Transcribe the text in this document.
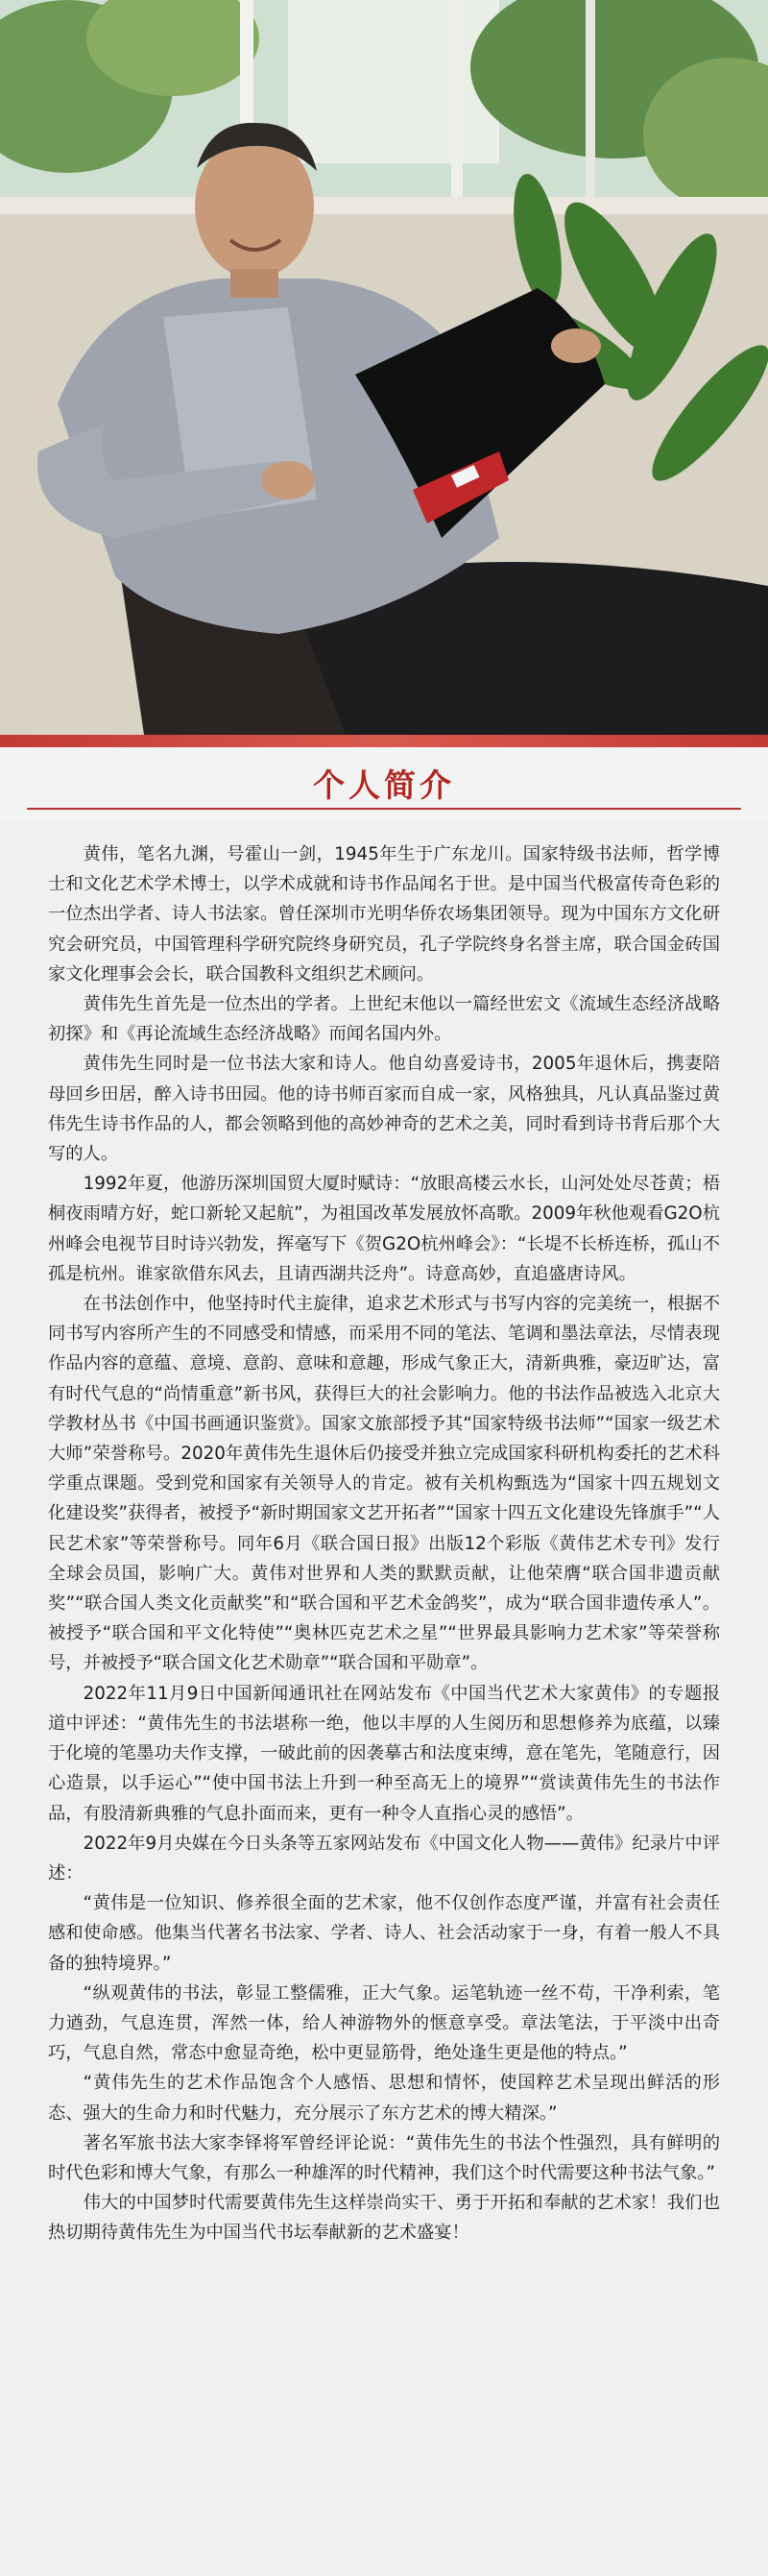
个人简介

黄伟，笔名九渊，号霍山一剑，1945年生于广东龙川。国家特级书法师，哲学博士和文化艺术学术博士，以学术成就和诗书作品闻名于世。是中国当代极富传奇色彩的一位杰出学者、诗人书法家。曾任深圳市光明华侨农场集团领导。现为中国东方文化研究会研究员，中国管理科学研究院终身研究员，孔子学院终身名誉主席，联合国金砖国家文化理事会会长，联合国教科文组织艺术顾问。

黄伟先生首先是一位杰出的学者。上世纪末他以一篇经世宏文《流域生态经济战略初探》和《再论流域生态经济战略》而闻名国内外。

黄伟先生同时是一位书法大家和诗人。他自幼喜爱诗书，2005年退休后，携妻陪母回乡田居，醉入诗书田园。他的诗书师百家而自成一家，风格独具，凡认真品鉴过黄伟先生诗书作品的人，都会领略到他的高妙神奇的艺术之美，同时看到诗书背后那个大写的人。

1992年夏，他游历深圳国贸大厦时赋诗：“放眼高楼云水长，山河处处尽苍黄；梧桐夜雨晴方好，蛇口新轮又起航”，为祖国改革发展放怀高歌。2009年秋他观看G2O杭州峰会电视节目时诗兴勃发，挥毫写下《贺G2O杭州峰会》：“长堤不长桥连桥，孤山不孤是杭州。谁家欲借东风去，且请西湖共泛舟”。诗意高妙，直追盛唐诗风。

在书法创作中，他坚持时代主旋律，追求艺术形式与书写内容的完美统一，根据不同书写内容所产生的不同感受和情感，而采用不同的笔法、笔调和墨法章法，尽情表现作品内容的意蕴、意境、意韵、意味和意趣，形成气象正大，清新典雅，豪迈旷达，富有时代气息的“尚情重意”新书风，获得巨大的社会影响力。他的书法作品被选入北京大学教材丛书《中国书画通识鉴赏》。国家文旅部授予其“国家特级书法师”“国家一级艺术大师”荣誉称号。2020年黄伟先生退休后仍接受并独立完成国家科研机构委托的艺术科学重点课题。受到党和国家有关领导人的肯定。被有关机构甄选为“国家十四五规划文化建设奖”获得者，被授予“新时期国家文艺开拓者”“国家十四五文化建设先锋旗手”“人民艺术家”等荣誉称号。同年6月《联合国日报》出版12个彩版《黄伟艺术专刊》发行全球会员国，影响广大。黄伟对世界和人类的默默贡献，让他荣膺“联合国非遗贡献奖”“联合国人类文化贡献奖”和“联合国和平艺术金鸽奖”，成为“联合国非遗传承人”。被授予“联合国和平文化特使”“奥林匹克艺术之星”“世界最具影响力艺术家”等荣誉称号，并被授予“联合国文化艺术勋章”“联合国和平勋章”。

2022年11月9日中国新闻通讯社在网站发布《中国当代艺术大家黄伟》的专题报道中评述：“黄伟先生的书法堪称一绝，他以丰厚的人生阅历和思想修养为底蕴，以臻于化境的笔墨功夫作支撑，一破此前的因袭摹古和法度束缚，意在笔先，笔随意行，因心造景，以手运心”“使中国书法上升到一种至高无上的境界”“赏读黄伟先生的书法作品，有股清新典雅的气息扑面而来，更有一种令人直指心灵的感悟”。

2022年9月央媒在今日头条等五家网站发布《中国文化人物——黄伟》纪录片中评述：

“黄伟是一位知识、修养很全面的艺术家，他不仅创作态度严谨，并富有社会责任感和使命感。他集当代著名书法家、学者、诗人、社会活动家于一身，有着一般人不具备的独特境界。”

“纵观黄伟的书法，彰显工整儒雅，正大气象。运笔轨迹一丝不苟，干净利索，笔力遒劲，气息连贯，浑然一体，给人神游物外的惬意享受。章法笔法，于平淡中出奇巧，气息自然，常态中愈显奇绝，松中更显筋骨，绝处逢生更是他的特点。”

“黄伟先生的艺术作品饱含个人感悟、思想和情怀，使国粹艺术呈现出鲜活的形态、强大的生命力和时代魅力，充分展示了东方艺术的博大精深。”

著名军旅书法大家李铎将军曾经评论说：“黄伟先生的书法个性强烈，具有鲜明的时代色彩和博大气象，有那么一种雄浑的时代精神，我们这个时代需要这种书法气象。”

伟大的中国梦时代需要黄伟先生这样崇尚实干、勇于开拓和奉献的艺术家！我们也热切期待黄伟先生为中国当代书坛奉献新的艺术盛宴！
